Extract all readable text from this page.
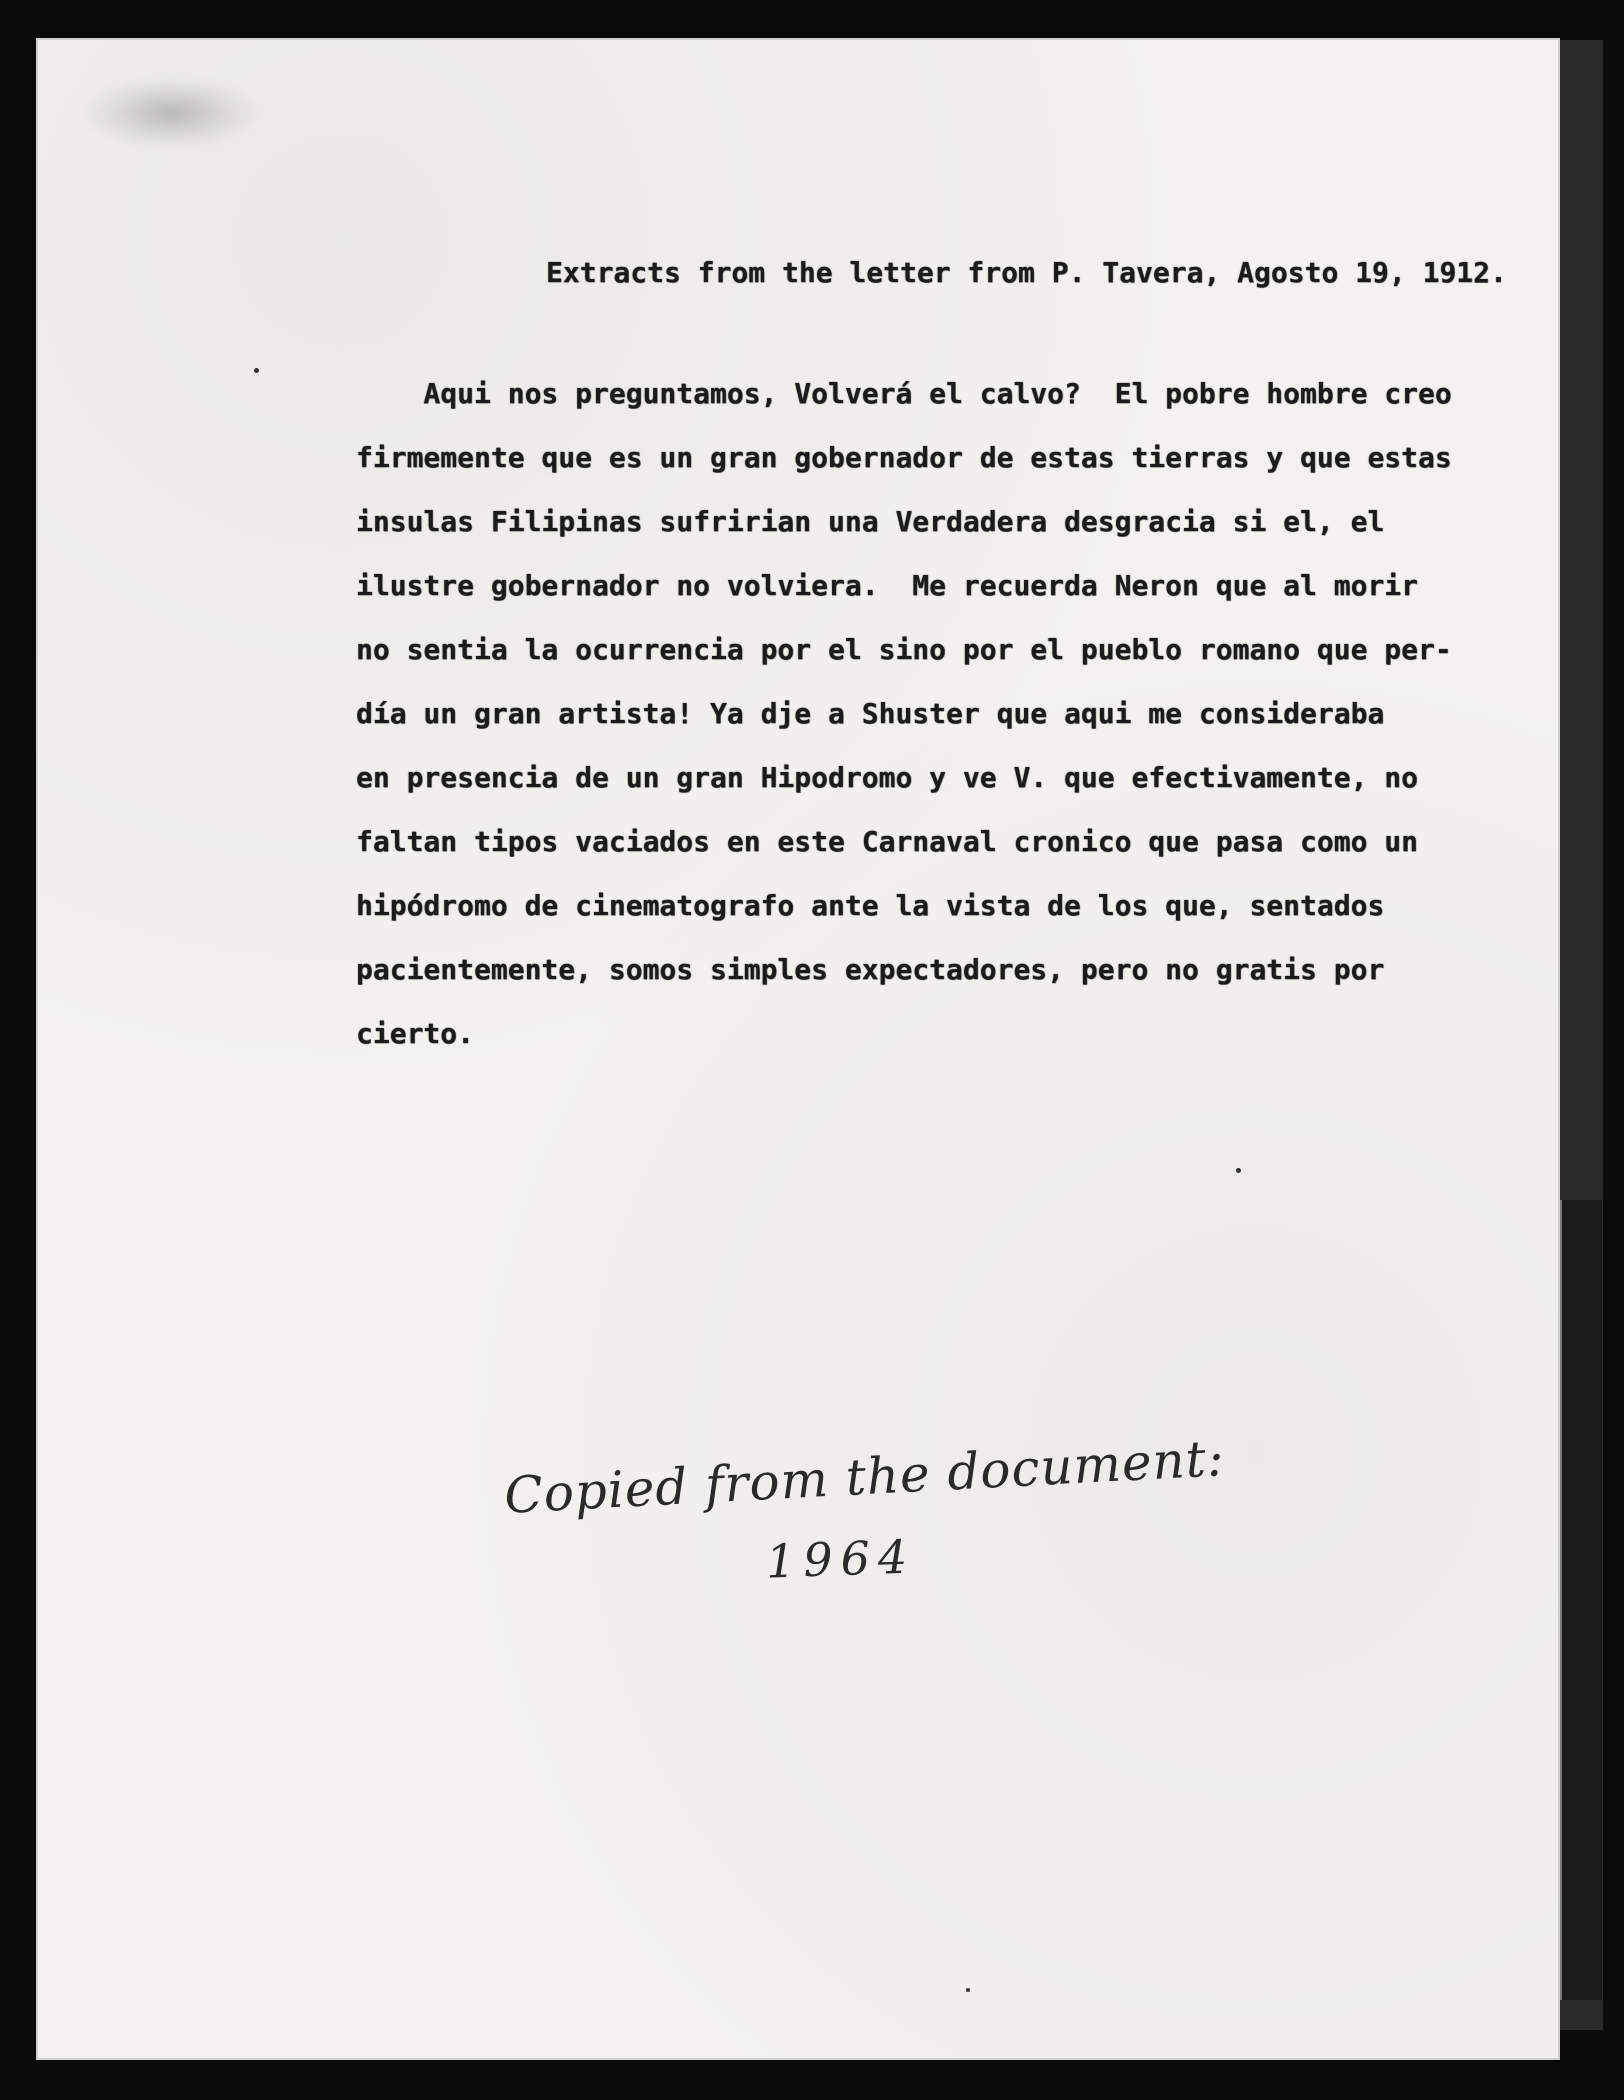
Extracts from the letter from P. Tavera, Agosto 19, 1912.
Aqui nos preguntamos, Volverá el calvo?  El pobre hombre creo
firmemente que es un gran gobernador de estas tierras y que estas
insulas Filipinas sufririan una Verdadera desgracia si el, el
ilustre gobernador no volviera.  Me recuerda Neron que al morir
no sentia la ocurrencia por el sino por el pueblo romano que per-
día un gran artista! Ya dje a Shuster que aqui me consideraba
en presencia de un gran Hipodromo y ve V. que efectivamente, no
faltan tipos vaciados en este Carnaval cronico que pasa como un
hipódromo de cinematografo ante la vista de los que, sentados
pacientemente, somos simples expectadores, pero no gratis por
cierto.
Copied from the document:
1964
